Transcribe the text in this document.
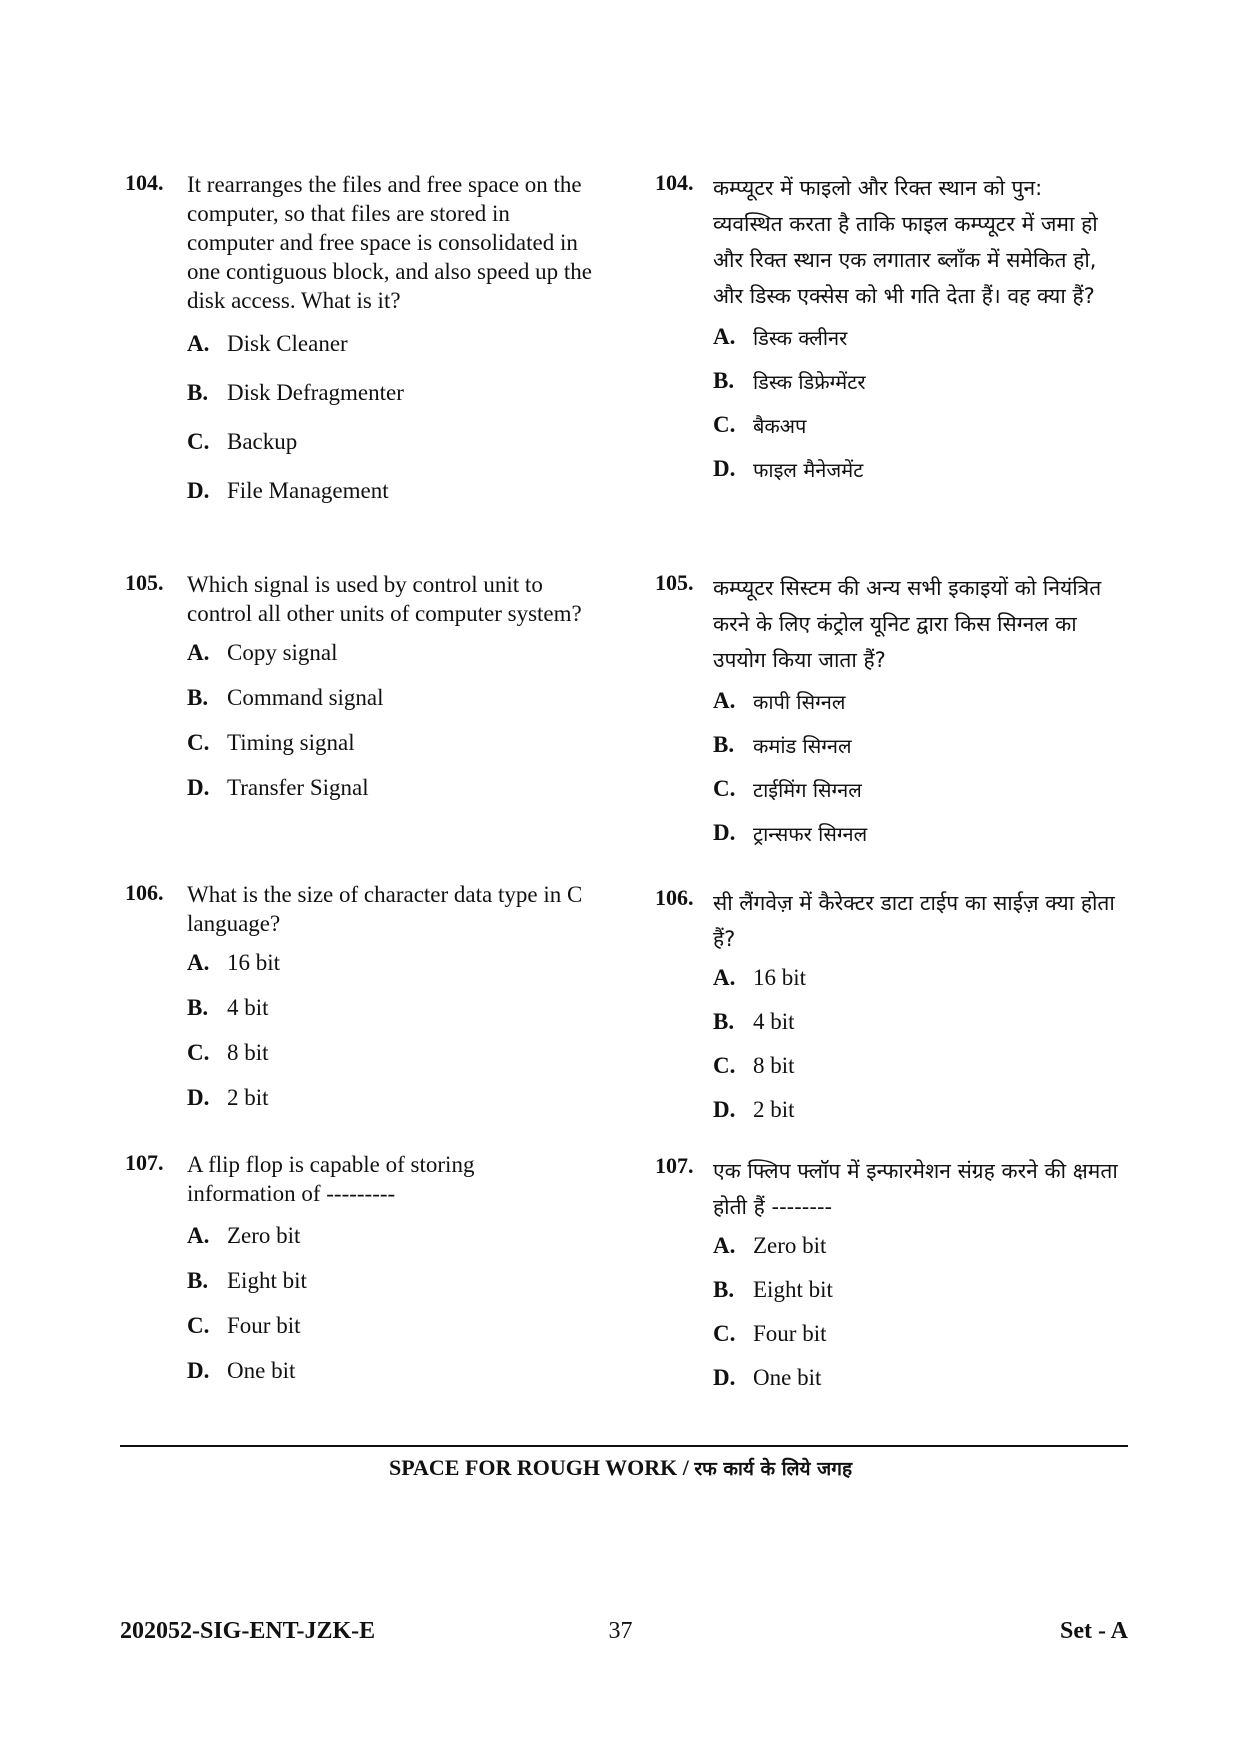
104. It rearranges the files and free space on the computer, so that files are stored in computer and free space is consolidated in one contiguous block, and also speed up the disk access. What is it?
A. Disk Cleaner
B. Disk Defragmenter
C. Backup
D. File Management
105. Which signal is used by control unit to control all other units of computer system?
A. Copy signal
B. Command signal
C. Timing signal
D. Transfer Signal
106. What is the size of character data type in C language?
A. 16 bit
B. 4 bit
C. 8 bit
D. 2 bit
107. A flip flop is capable of storing information of ---------
A. Zero bit
B. Eight bit
C. Four bit
D. One bit
104. कम्प्यूटर में फाइलो और रिक्त स्थान को पुन: व्यवस्थित करता है ताकि फाइल कम्प्यूटर में जमा हो और रिक्त स्थान एक लगातार ब्लॉंक में समेकित हो, और डिस्क एक्सेस को भी गति देता हैं। वह क्या हैं?
A. डिस्क क्लीनर
B. डिस्क डिफ्रेग्मेंटर
C. बैकअप
D. फाइल मैनेजमेंट
105. कम्प्यूटर सिस्टम की अन्य सभी इकाइयों को नियंत्रित करने के लिए कंट्रोल यूनिट द्वारा किस सिग्नल का उपयोग किया जाता हैं?
A. कापी सिग्नल
B. कमांड सिग्नल
C. टाईमिंग सिग्नल
D. ट्रान्सफर सिग्नल
106. सी लैंगवेज़ में कैरेक्टर डाटा टाईप का साईज़ क्या होता हैं?
A. 16 bit
B. 4 bit
C. 8 bit
D. 2 bit
107. एक फ्लिप फ्लॉप में इन्फारमेशन संग्रह करने की क्षमता होती हैं --------
A. Zero bit
B. Eight bit
C. Four bit
D. One bit
SPACE FOR ROUGH WORK / रफ कार्य के लिये जगह
202052-SIG-ENT-JZK-E	37	Set - A
